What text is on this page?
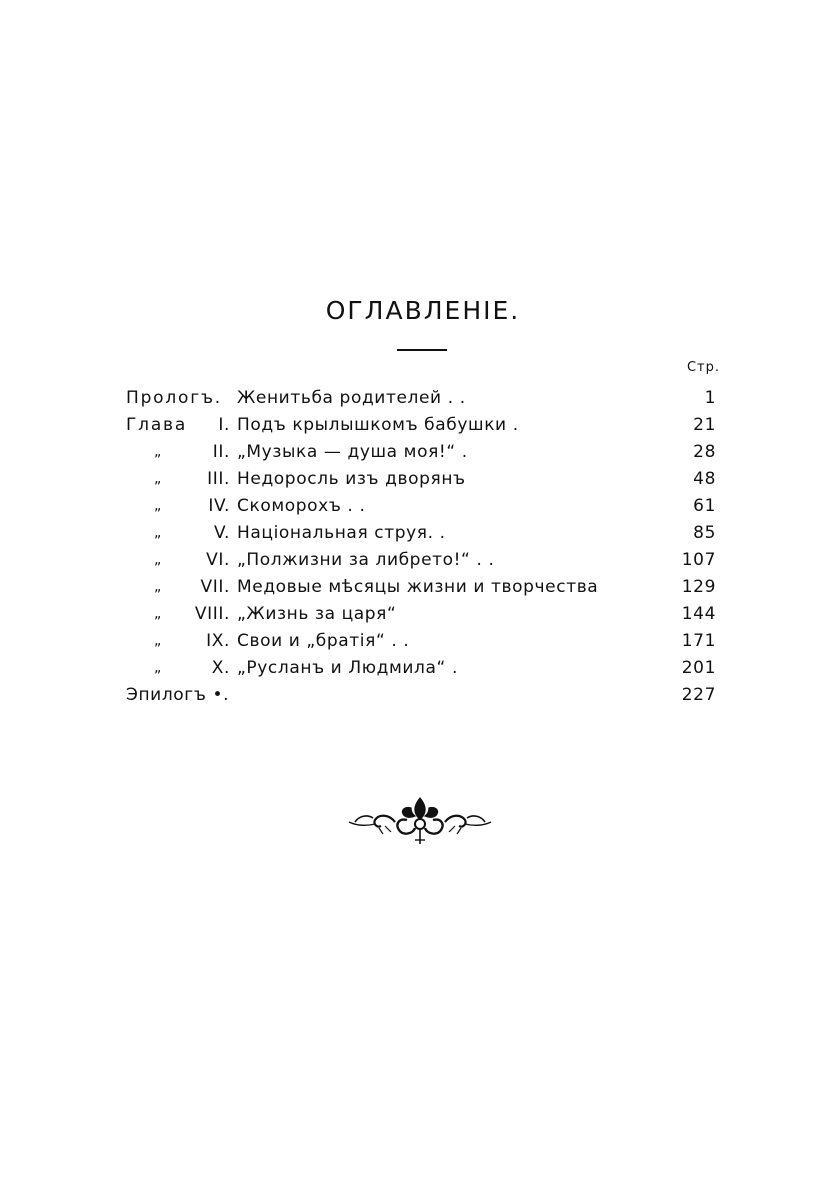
ОГЛАВЛЕНІЕ.
Стр.
Прологъ. Женитьба родителей . .	1
Глава I. Подъ крылышкомъ бабушки .	21
„	II. „Музыка — душа моя!“ .	28
„	III. Недоросль изъ дворянъ	48
„	IV. Скоморохъ . .	61
„	V. Національная струя. .	85
„	VI. „Полжизни за либрето!“ . .	107
„ VII. Медовые мѣсяцы жизни и творчества	129
„ VIII. „Жизнь за царя“	144
„	IX. Свои и „братія“ . .	171
„	X. „Русланъ и Людмила“ .	201
Эпилогъ •.	227
